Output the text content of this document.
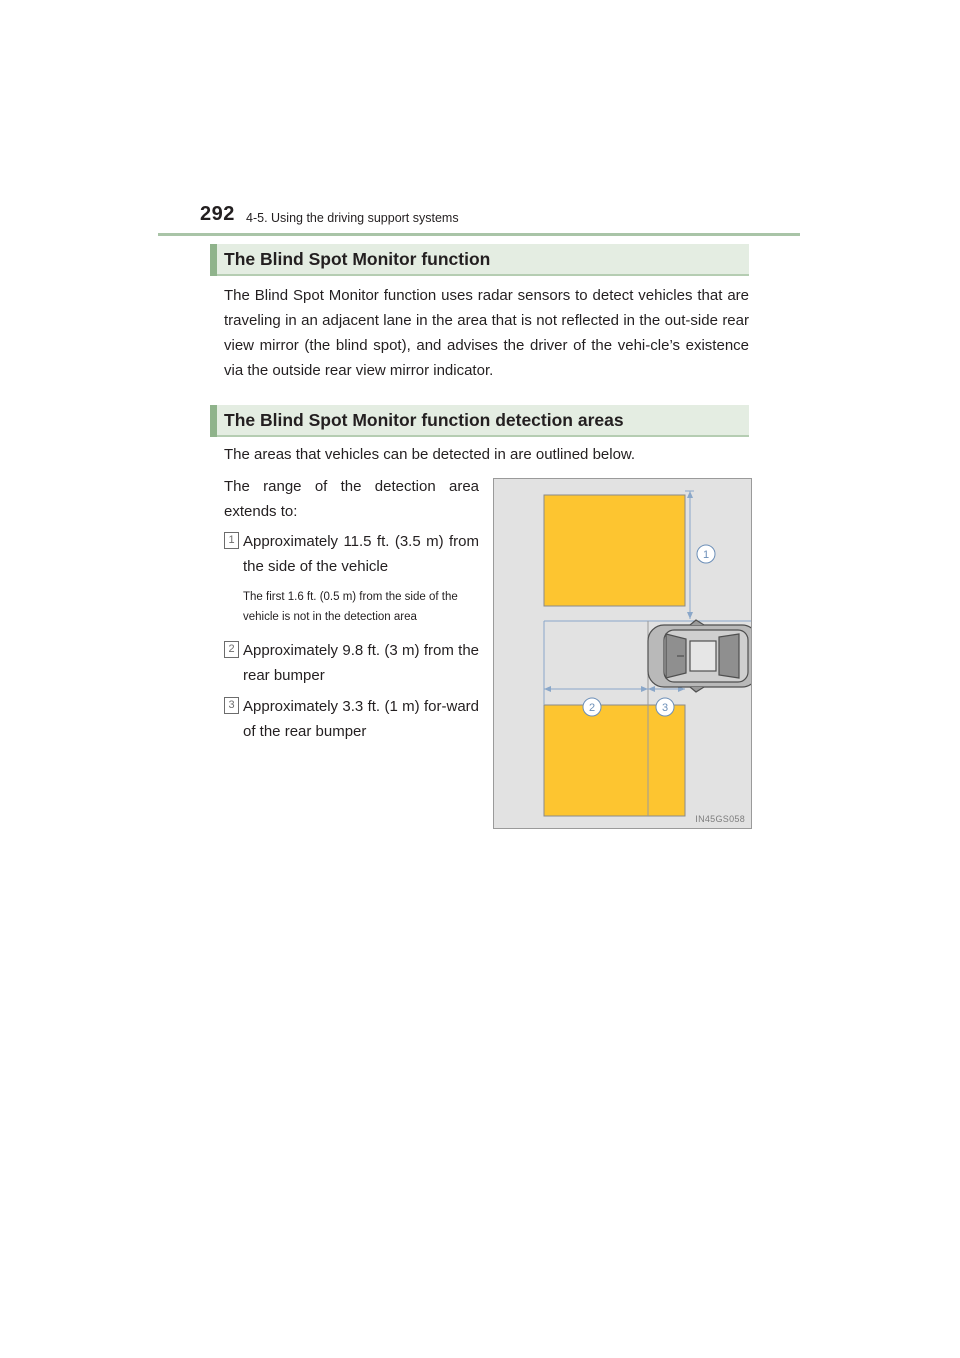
292 4-5. Using the driving support systems
The Blind Spot Monitor function
The Blind Spot Monitor function uses radar sensors to detect vehicles that are traveling in an adjacent lane in the area that is not reflected in the out-side rear view mirror (the blind spot), and advises the driver of the vehi-cle’s existence via the outside rear view mirror indicator.
The Blind Spot Monitor function detection areas
The areas that vehicles can be detected in are outlined below.
The range of the detection area extends to:
1 Approximately 11.5 ft. (3.5 m) from the side of the vehicle
The first 1.6 ft. (0.5 m) from the side of the vehicle is not in the detection area
2 Approximately 9.8 ft. (3 m) from the rear bumper
3 Approximately 3.3 ft. (1 m) for-ward of the rear bumper
1
2	3
IN45GS058
